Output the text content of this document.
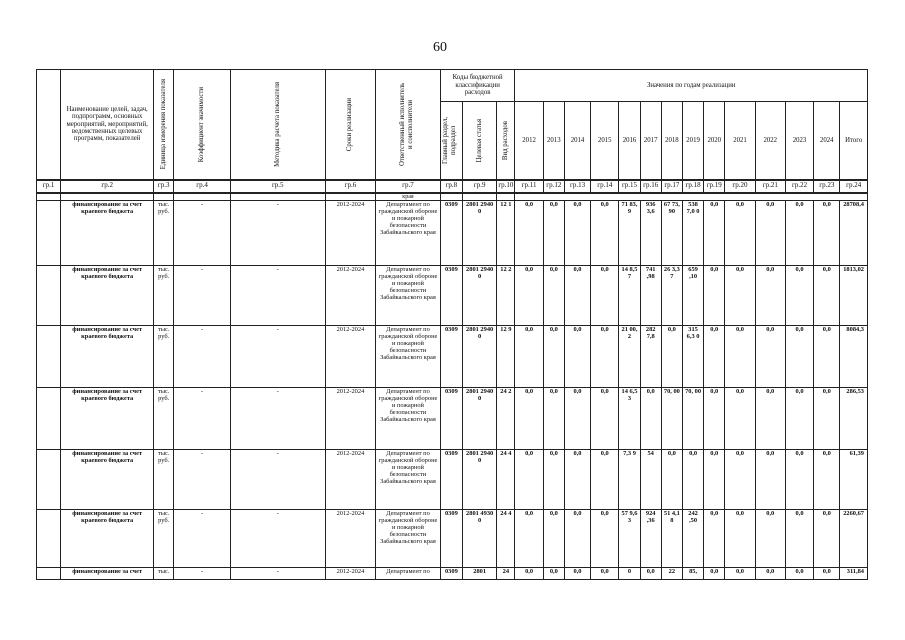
60
	Наименование целей, задач, подпрограмм, основных мероприятий, мероприятий, ведомственных целевых программ, показателей	Единица измерения показателя	Коэффициент значимости	Методика расчета показателя	Сроки реализации	Ответственный исполнитель и соисполнители	Коды бюджетной классификации расходов			Значения по годам реализации													

							Главный раздел, подраздел	Целевая статья	Вид расходов	2012	2013	2014	2015	2016	2017	2018	2019	2020	2021	2022	2023	2024	Итого
гр.1	гр.2	гр.3	гр.4	гр.5	гр.6	гр.7	гр.8	гр.9	гр.10	гр.11	гр.12	гр.13	гр.14	гр.15	гр.16	гр.17	гр.18	гр.19	гр.20	гр.21	гр.22	гр.23	гр.24
						края																	
	финансирование за счет краевого бюджета	тыс. руб.	-	-	2012-2024	Департамент по гражданской обороне и пожарной безопасности Забайкальского края	0309	2801 2940 0	12 1	0,0	0,0	0,0	0,0	71 83, 9	936 3,6	67 73, 90	538 7,0 0	0,0	0,0	0,0	0,0	0,0	28708,4
	финансирование за счет краевого бюджета	тыс. руб.	-	-	2012-2024	Департамент по гражданской обороне и пожарной безопасности Забайкальского края	0309	2801 2940 0	12 2	0,0	0,0	0,0	0,0	14 8,5 7	741 ,98	26 3,3 7	659 ,10	0,0	0,0	0,0	0,0	0,0	1813,02
	финансирование за счет краевого бюджета	тыс. руб.	-	-	2012-2024	Департамент по гражданской обороне и пожарной безопасности Забайкальского края	0309	2801 2940 0	12 9	0,0	0,0	0,0	0,0	21 00, 2	282 7,8	0,0	315 6,3 0	0,0	0,0	0,0	0,0	0,0	8084,3
	финансирование за счет краевого бюджета	тыс. руб.	-	-	2012-2024	Департамент по гражданской обороне и пожарной безопасности Забайкальского края	0309	2801 2940 0	24 2	0,0	0,0	0,0	0,0	14 6,5 3	0,0	70, 00	70, 00	0,0	0,0	0,0	0,0	0,0	286,53
	финансирование за счет краевого бюджета	тыс. руб.	-	-	2012-2024	Департамент по гражданской обороне и пожарной безопасности Забайкальского края	0309	2801 2940 0	24 4	0,0	0,0	0,0	0,0	7,3 9	54	0,0	0,0	0,0	0,0	0,0	0,0	0,0	61,39
	финансирование за счет краевого бюджета	тыс. руб.	-	-	2012-2024	Департамент по гражданской обороне и пожарной безопасности Забайкальского края	0309	2801 4930 0	24 4	0,0	0,0	0,0	0,0	57 9,6 3	924 ,36	51 4,1 8	242 ,50	0,0	0,0	0,0	0,0	0,0	2260,67
	финансирование за счет	тыс.	-	-	2012-2024	Департамент по	0309	2801	24	0,0	0,0	0,0	0,0	0	0,0	22	85,	0,0	0,0	0,0	0,0	0,0	311,84
